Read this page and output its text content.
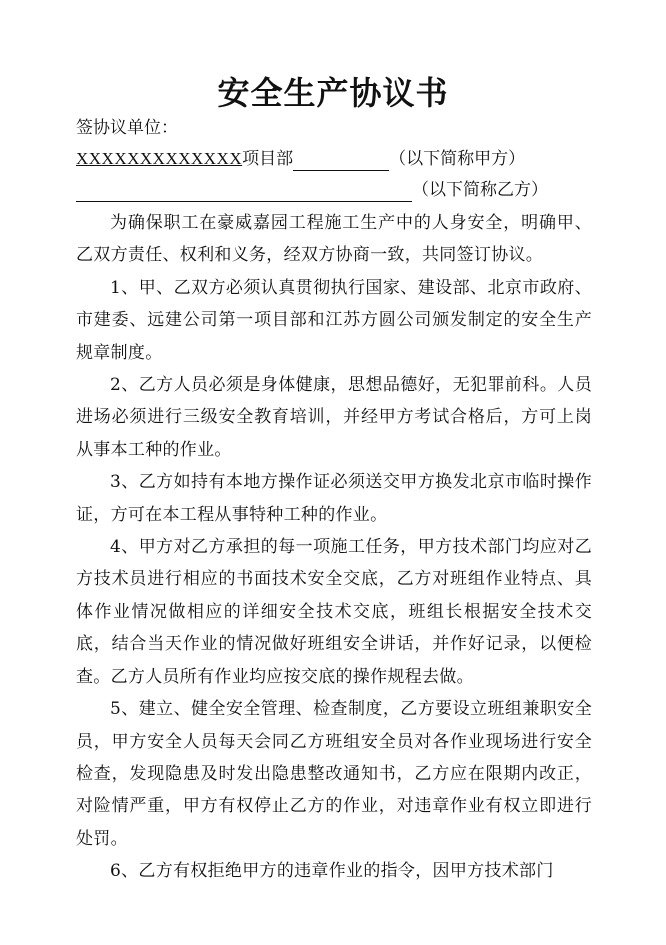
安全生产协议书
签协议单位：
XXXXXXXXXXXXX项目部	（以下简称甲方）
（以下简称乙方）

为确保职工在豪威嘉园工程施工生产中的人身安全，明确甲、乙双方责任、权利和义务，经双方协商一致，共同签订协议。

1、甲、乙双方必须认真贯彻执行国家、建设部、北京市政府、市建委、远建公司第一项目部和江苏方圆公司颁发制定的安全生产规章制度。

2、乙方人员必须是身体健康，思想品德好，无犯罪前科。人员进场必须进行三级安全教育培训，并经甲方考试合格后，方可上岗从事本工种的作业。

3、乙方如持有本地方操作证必须送交甲方换发北京市临时操作证，方可在本工程从事特种工种的作业。

4、甲方对乙方承担的每一项施工任务，甲方技术部门均应对乙方技术员进行相应的书面技术安全交底，乙方对班组作业特点、具体作业情况做相应的详细安全技术交底，班组长根据安全技术交底，结合当天作业的情况做好班组安全讲话，并作好记录，以便检查。乙方人员所有作业均应按交底的操作规程去做。

5、建立、健全安全管理、检查制度，乙方要设立班组兼职安全员，甲方安全人员每天会同乙方班组安全员对各作业现场进行安全检查，发现隐患及时发出隐患整改通知书，乙方应在限期内改正，对险情严重，甲方有权停止乙方的作业，对违章作业有权立即进行处罚。

6、乙方有权拒绝甲方的违章作业的指令，因甲方技术部门
